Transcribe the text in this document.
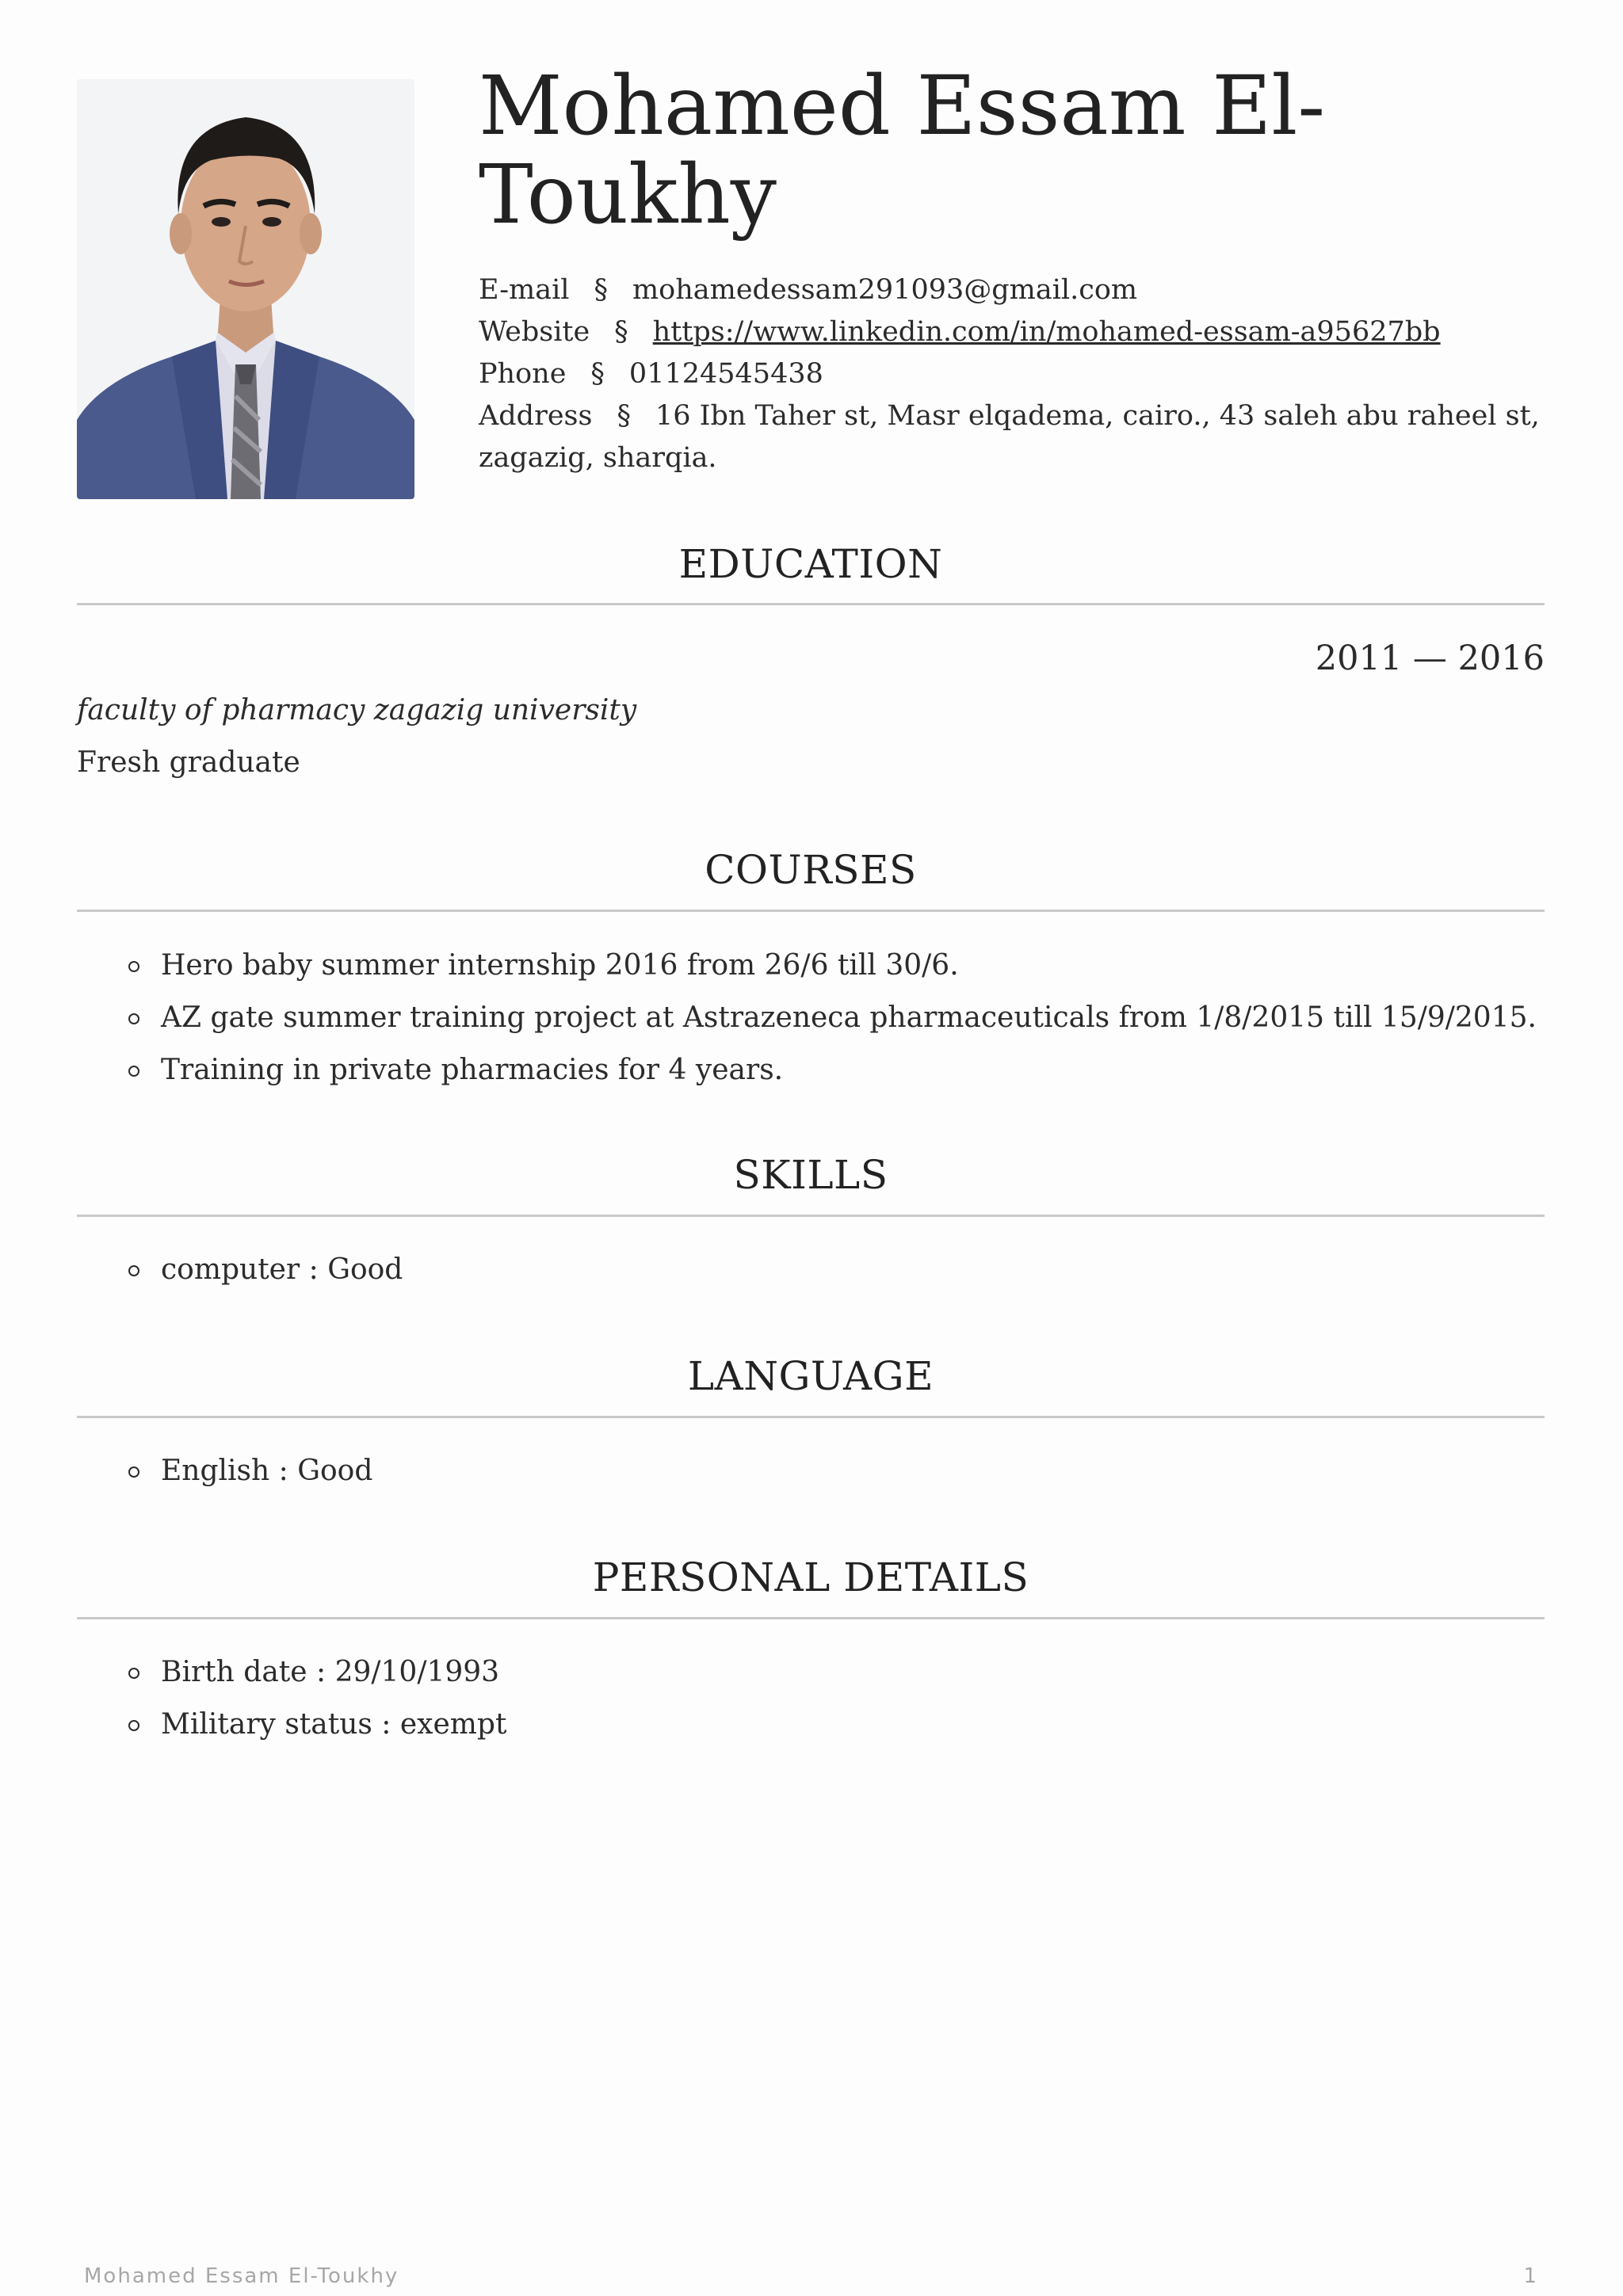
Mohamed Essam El-Toukhy
E-mail § mohamedessam291093@gmail.com
Website § https://www.linkedin.com/in/mohamed-essam-a95627bb
Phone § 01124545438
Address § 16 Ibn Taher st, Masr elqadema, cairo., 43 saleh abu raheel st, zagazig, sharqia.
EDUCATION
2011 — 2016
faculty of pharmacy zagazig university
Fresh graduate
COURSES
Hero baby summer internship 2016 from 26/6 till 30/6.
AZ gate summer training project at Astrazeneca pharmaceuticals from 1/8/2015 till 15/9/2015.
Training in private pharmacies for 4 years.
SKILLS
computer : Good
LANGUAGE
English : Good
PERSONAL DETAILS
Birth date : 29/10/1993
Military status : exempt
Mohamed Essam El-Toukhy	1
